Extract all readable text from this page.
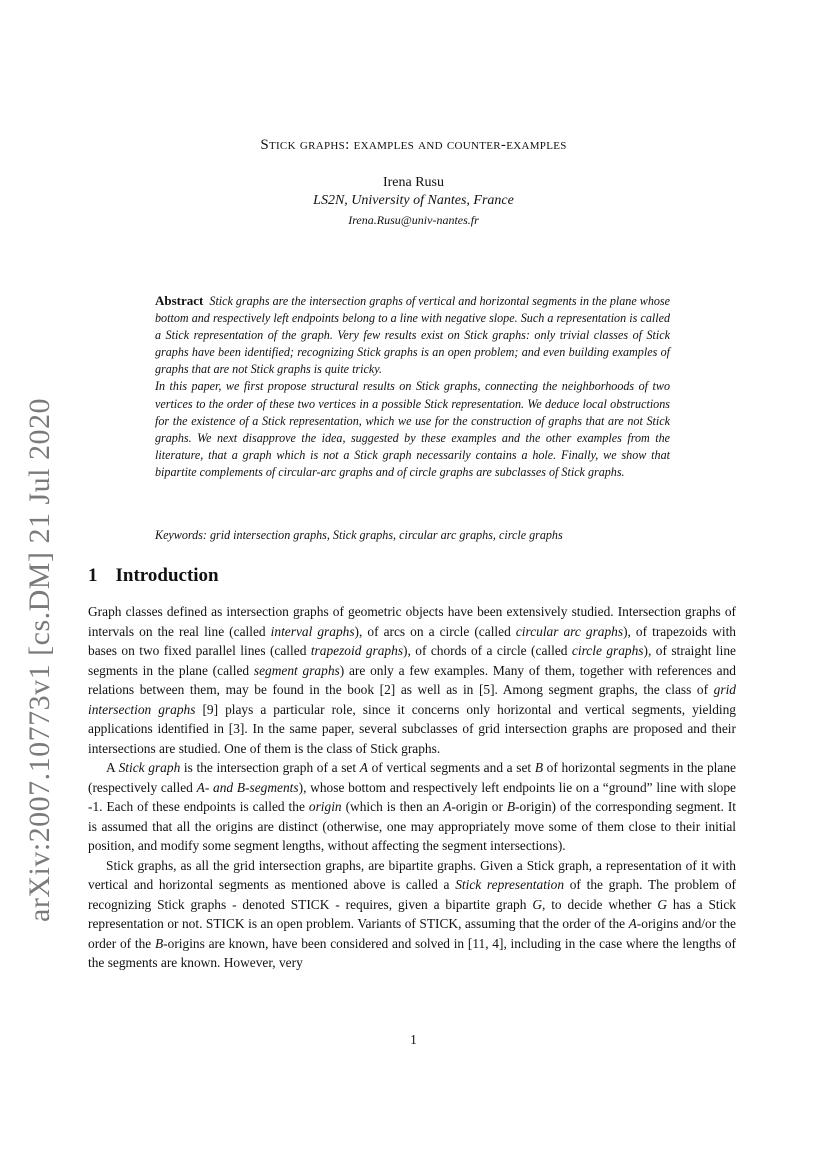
arXiv:2007.10773v1 [cs.DM] 21 Jul 2020
Stick graphs: examples and counter-examples
Irena Rusu
LS2N, University of Nantes, France
Irena.Rusu@univ-nantes.fr

Abstract Stick graphs are the intersection graphs of vertical and horizontal segments in the plane whose bottom and respectively left endpoints belong to a line with negative slope. Such a representation is called a Stick representation of the graph. Very few results exist on Stick graphs: only trivial classes of Stick graphs have been identified; recognizing Stick graphs is an open problem; and even building examples of graphs that are not Stick graphs is quite tricky.

In this paper, we first propose structural results on Stick graphs, connecting the neighborhoods of two vertices to the order of these two vertices in a possible Stick representation. We deduce local obstructions for the existence of a Stick representation, which we use for the construction of graphs that are not Stick graphs. We next disapprove the idea, suggested by these examples and the other examples from the literature, that a graph which is not a Stick graph necessarily contains a hole. Finally, we show that bipartite complements of circular-arc graphs and of circle graphs are subclasses of Stick graphs.

Keywords: grid intersection graphs, Stick graphs, circular arc graphs, circle graphs
1 Introduction

Graph classes defined as intersection graphs of geometric objects have been extensively studied. Intersection graphs of intervals on the real line (called interval graphs), of arcs on a circle (called circular arc graphs), of trapezoids with bases on two fixed parallel lines (called trapezoid graphs), of chords of a circle (called circle graphs), of straight line segments in the plane (called segment graphs) are only a few examples. Many of them, together with references and relations between them, may be found in the book [2] as well as in [5]. Among segment graphs, the class of grid intersection graphs [9] plays a particular role, since it concerns only horizontal and vertical segments, yielding applications identified in [3]. In the same paper, several subclasses of grid intersection graphs are proposed and their intersections are studied. One of them is the class of Stick graphs.

A Stick graph is the intersection graph of a set A of vertical segments and a set B of horizontal segments in the plane (respectively called A- and B-segments), whose bottom and respectively left endpoints lie on a “ground” line with slope -1. Each of these endpoints is called the origin (which is then an A-origin or B-origin) of the corresponding segment. It is assumed that all the origins are distinct (otherwise, one may appropriately move some of them close to their initial position, and modify some segment lengths, without affecting the segment intersections).

Stick graphs, as all the grid intersection graphs, are bipartite graphs. Given a Stick graph, a representation of it with vertical and horizontal segments as mentioned above is called a Stick representation of the graph. The problem of recognizing Stick graphs - denoted STICK - requires, given a bipartite graph G, to decide whether G has a Stick representation or not. STICK is an open problem. Variants of STICK, assuming that the order of the A-origins and/or the order of the B-origins are known, have been considered and solved in [11, 4], including in the case where the lengths of the segments are known. However, very

1
